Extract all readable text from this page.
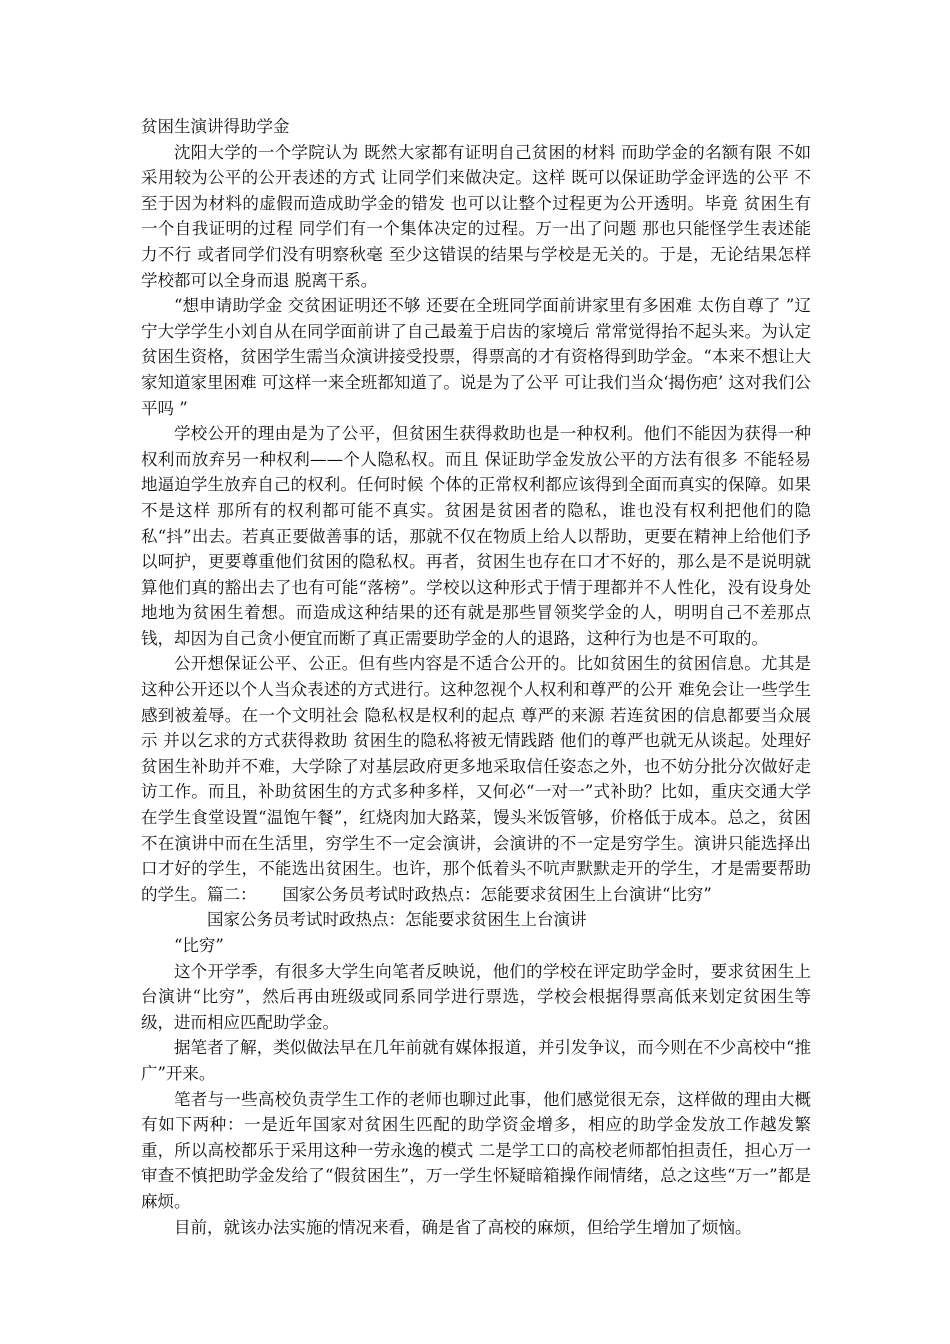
贫困生演讲得助学金

沈阳大学的一个学院认为 既然大家都有证明自己贫困的材料 而助学金的名额有限 不如采用较为公平的公开表述的方式 让同学们来做决定。这样 既可以保证助学金评选的公平 不至于因为材料的虚假而造成助学金的错发 也可以让整个过程更为公开透明。毕竟 贫困生有一个自我证明的过程 同学们有一个集体决定的过程。万一出了问题 那也只能怪学生表述能力不行 或者同学们没有明察秋毫 至少这错误的结果与学校是无关的。于是，无论结果怎样 学校都可以全身而退 脱离干系。

“想申请助学金 交贫困证明还不够 还要在全班同学面前讲家里有多困难 太伤自尊了 ”辽宁大学学生小刘自从在同学面前讲了自己最羞于启齿的家境后 常常觉得抬不起头来。为认定贫困生资格，贫困学生需当众演讲接受投票，得票高的才有资格得到助学金。“本来不想让大家知道家里困难 可这样一来全班都知道了。说是为了公平 可让我们当众‘揭伤疤’ 这对我们公平吗 ”

学校公开的理由是为了公平，但贫困生获得救助也是一种权利。他们不能因为获得一种权利而放弃另一种权利——个人隐私权。而且 保证助学金发放公平的方法有很多 不能轻易地逼迫学生放弃自己的权利。任何时候 个体的正常权利都应该得到全面而真实的保障。如果不是这样 那所有的权利都可能不真实。贫困是贫困者的隐私，谁也没有权利把他们的隐私“抖”出去。若真正要做善事的话，那就不仅在物质上给人以帮助，更要在精神上给他们予以呵护，更要尊重他们贫困的隐私权。再者，贫困生也存在口才不好的，那么是不是说明就算他们真的豁出去了也有可能“落榜”。学校以这种形式于情于理都并不人性化，没有设身处地地为贫困生着想。而造成这种结果的还有就是那些冒领奖学金的人，明明自己不差那点钱，却因为自己贪小便宜而断了真正需要助学金的人的退路，这种行为也是不可取的。

公开想保证公平、公正。但有些内容是不适合公开的。比如贫困生的贫困信息。尤其是这种公开还以个人当众表述的方式进行。这种忽视个人权利和尊严的公开 难免会让一些学生感到被羞辱。在一个文明社会 隐私权是权利的起点 尊严的来源 若连贫困的信息都要当众展示 并以乞求的方式获得救助 贫困生的隐私将被无情践踏 他们的尊严也就无从谈起。处理好贫困生补助并不难，大学除了对基层政府更多地采取信任姿态之外，也不妨分批分次做好走访工作。而且，补助贫困生的方式多种多样，又何必“一对一”式补助？比如，重庆交通大学在学生食堂设置“温饱午餐”，红烧肉加大路菜，馒头米饭管够，价格低于成本。总之，贫困不在演讲中而在生活里，穷学生不一定会演讲，会演讲的不一定是穷学生。演讲只能选择出口才好的学生，不能选出贫困生。也许，那个低着头不吭声默默走开的学生，才是需要帮助的学生。篇二： 国家公务员考试时政热点：怎能要求贫困生上台演讲“比穷”

国家公务员考试时政热点：怎能要求贫困生上台演讲

“比穷”

这个开学季，有很多大学生向笔者反映说，他们的学校在评定助学金时，要求贫困生上台演讲“比穷”，然后再由班级或同系同学进行票选，学校会根据得票高低来划定贫困生等级，进而相应匹配助学金。

据笔者了解，类似做法早在几年前就有媒体报道，并引发争议，而今则在不少高校中“推广”开来。

笔者与一些高校负责学生工作的老师也聊过此事，他们感觉很无奈，这样做的理由大概有如下两种：一是近年国家对贫困生匹配的助学资金增多，相应的助学金发放工作越发繁重，所以高校都乐于采用这种一劳永逸的模式 二是学工口的高校老师都怕担责任，担心万一审查不慎把助学金发给了“假贫困生”，万一学生怀疑暗箱操作闹情绪，总之这些“万一”都是麻烦。

目前，就该办法实施的情况来看，确是省了高校的麻烦，但给学生增加了烦恼。
